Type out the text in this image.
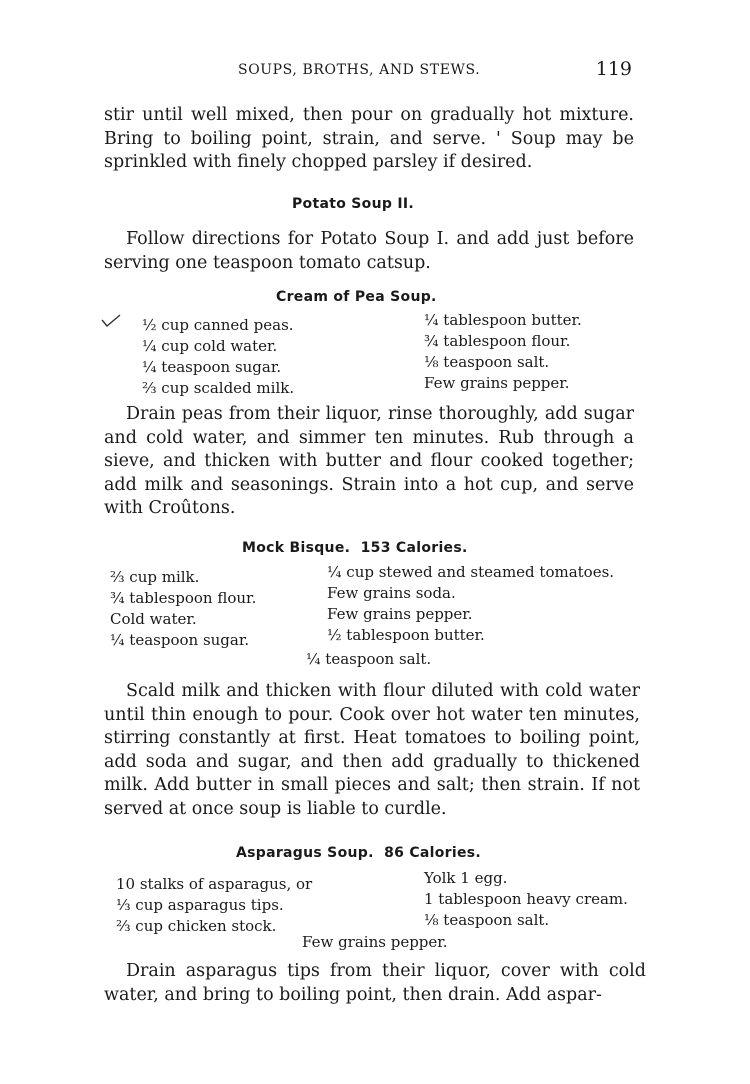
SOUPS, BROTHS, AND STEWS.	119

stir until well mixed, then pour on gradually hot mixture. Bring to boiling point, strain, and serve. ' Soup may be sprinkled with finely chopped parsley if desired.

Potato Soup II.

Follow directions for Potato Soup I. and add just before serving one teaspoon tomato catsup.

Cream of Pea Soup.
½ cup canned peas.
¼ cup cold water.
¼ teaspoon sugar.
⅔ cup scalded milk.
¼ tablespoon butter.
¾ tablespoon flour.
⅛ teaspoon salt.
Few grains pepper.

Drain peas from their liquor, rinse thoroughly, add sugar and cold water, and simmer ten minutes. Rub through a sieve, and thicken with butter and flour cooked together; add milk and seasonings. Strain into a hot cup, and serve with Croûtons.

Mock Bisque. 153 Calories.
⅔ cup milk.
¾ tablespoon flour.
Cold water.
¼ teaspoon sugar.
¼ cup stewed and steamed tomatoes.
Few grains soda.
Few grains pepper.
½ tablespoon butter.
¼ teaspoon salt.

Scald milk and thicken with flour diluted with cold water until thin enough to pour. Cook over hot water ten minutes, stirring constantly at first. Heat tomatoes to boiling point, add soda and sugar, and then add gradually to thickened milk. Add butter in small pieces and salt; then strain. If not served at once soup is liable to curdle.

Asparagus Soup. 86 Calories.
10 stalks of asparagus, or
⅓ cup asparagus tips.
⅔ cup chicken stock.
Yolk 1 egg.
1 tablespoon heavy cream.
⅛ teaspoon salt.
Few grains pepper.

Drain asparagus tips from their liquor, cover with cold water, and bring to boiling point, then drain. Add aspar-
